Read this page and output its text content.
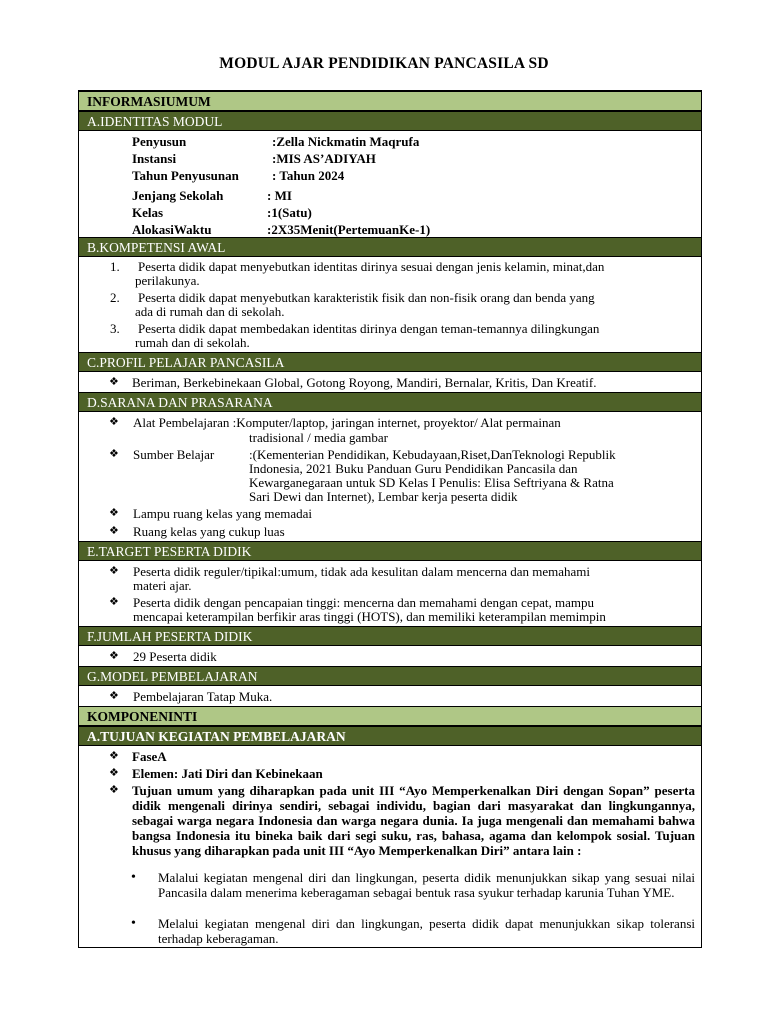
MODUL AJAR PENDIDIKAN PANCASILA SD
INFORMASIUMUM
A.IDENTITAS MODUL
Penyusun	:Zella Nickmatin Maqrufa
Instansi	:MIS AS’ADIYAH
Tahun Penyusunan	: Tahun 2024
Jenjang Sekolah	: MI
Kelas	:1(Satu)
AlokasiWaktu	:2X35Menit(PertemuanKe-1)
B.KOMPETENSI AWAL
1. Peserta didik dapat menyebutkan identitas dirinya sesuai dengan jenis kelamin, minat,dan
perilakunya.
2. Peserta didik dapat menyebutkan karakteristik fisik dan non-fisik orang dan benda yang
ada di rumah dan di sekolah.
3. Peserta didik dapat membedakan identitas dirinya dengan teman-temannya dilingkungan
rumah dan di sekolah.
C.PROFIL PELAJAR PANCASILA
❖ Beriman, Berkebinekaan Global, Gotong Royong, Mandiri, Bernalar, Kritis, Dan Kreatif.
D.SARANA DAN PRASARANA
❖ Alat Pembelajaran :Komputer/laptop, jaringan internet, proyektor/ Alat permainan
tradisional / media gambar
❖ Sumber Belajar	:(Kementerian Pendidikan, Kebudayaan,Riset,DanTeknologi Republik
Indonesia, 2021 Buku Panduan Guru Pendidikan Pancasila dan
Kewarganegaraan untuk SD Kelas I Penulis: Elisa Seftriyana & Ratna
Sari Dewi dan Internet), Lembar kerja peserta didik
❖ Lampu ruang kelas yang memadai
❖ Ruang kelas yang cukup luas
E.TARGET PESERTA DIDIK
❖ Peserta didik reguler/tipikal:umum, tidak ada kesulitan dalam mencerna dan memahami
materi ajar.
❖ Peserta didik dengan pencapaian tinggi: mencerna dan memahami dengan cepat, mampu
mencapai keterampilan berfikir aras tinggi (HOTS), dan memiliki keterampilan memimpin
F.JUMLAH PESERTA DIDIK
❖ 29 Peserta didik
G.MODEL PEMBELAJARAN
❖ Pembelajaran Tatap Muka.
KOMPONENINTI
A.TUJUAN KEGIATAN PEMBELAJARAN
❖ FaseA
❖ Elemen: Jati Diri dan Kebinekaan
❖ Tujuan umum yang diharapkan pada unit III “Ayo Memperkenalkan Diri dengan Sopan” peserta didik mengenali dirinya sendiri, sebagai individu, bagian dari masyarakat dan lingkungannya, sebagai warga negara Indonesia dan warga negara dunia. Ia juga mengenali dan memahami bahwa bangsa Indonesia itu bineka baik dari segi suku, ras, bahasa, agama dan kelompok sosial. Tujuan khusus yang diharapkan pada unit III “Ayo Memperkenalkan Diri” antara lain :
• Malalui kegiatan mengenal diri dan lingkungan, peserta didik menunjukkan sikap yang sesuai nilai Pancasila dalam menerima keberagaman sebagai bentuk rasa syukur terhadap karunia Tuhan YME.
• Melalui kegiatan mengenal diri dan lingkungan, peserta didik dapat menunjukkan sikap toleransi terhadap keberagaman.
